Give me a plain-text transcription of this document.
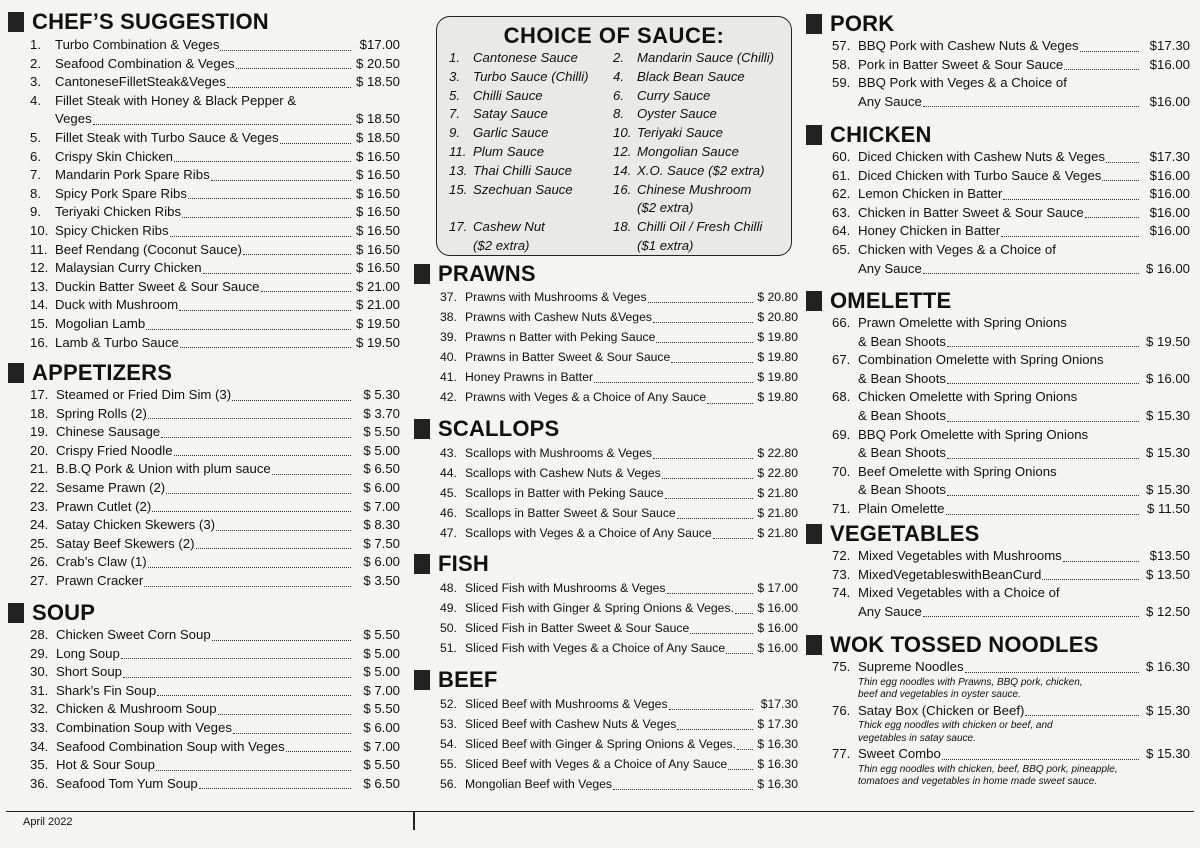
CHEF’S SUGGESTION
1.	Turbo Combination & Veges	$17.00
2.	Seafood Combination & Veges	$ 20.50
3.	CantoneseFilletSteak&Veges	$ 18.50
4.	Fillet Steak with Honey & Black Pepper &
Veges	$ 18.50
5.	Fillet Steak with Turbo Sauce & Veges	$ 18.50
6.	Crispy Skin Chicken	$ 16.50
7.	Mandarin Pork Spare Ribs	$ 16.50
8.	Spicy Pork Spare Ribs	$ 16.50
9.	Teriyaki Chicken Ribs	$ 16.50
10. Spicy Chicken Ribs	$ 16.50
11. Beef Rendang (Coconut Sauce)	$ 16.50
12. Malaysian Curry Chicken	$ 16.50
13. Duckin Batter Sweet & Sour Sauce	$ 21.00
14. Duck with Mushroom	$ 21.00
15. Mogolian Lamb	$ 19.50
16. Lamb & Turbo Sauce	$ 19.50
APPETIZERS
17. Steamed or Fried Dim Sim (3)	$ 5.30
18. Spring Rolls (2)	$ 3.70
19. Chinese Sausage	$ 5.50
20. Crispy Fried Noodle	$ 5.00
21. B.B.Q Pork & Union with plum sauce	$ 6.50
22. Sesame Prawn (2)	$ 6.00
23. Prawn Cutlet (2)	$ 7.00
24. Satay Chicken Skewers (3)	$ 8.30
25. Satay Beef Skewers (2)	$ 7.50
26. Crab’s Claw (1)	$ 6.00
27. Prawn Cracker	$ 3.50
SOUP
28. Chicken Sweet Corn Soup	$ 5.50
29. Long Soup	$ 5.00
30. Short Soup	$ 5.00
31. Shark’s Fin Soup	$ 7.00
32. Chicken & Mushroom Soup	$ 5.50
33. Combination Soup with Veges	$ 6.00
34. Seafood Combination Soup with Veges	$ 7.00
35. Hot & Sour Soup	$ 5.50
36. Seafood Tom Yum Soup	$ 6.50
CHOICE OF SAUCE:
1. Cantonese Sauce	2. Mandarin Sauce (Chilli)
3. Turbo Sauce (Chilli)	4. Black Bean Sauce
5. Chilli Sauce	6. Curry Sauce
7. Satay Sauce	8. Oyster Sauce
9. Garlic Sauce	10. Teriyaki Sauce
11. Plum Sauce	12. Mongolian Sauce
13. Thai Chilli Sauce	14. X.O. Sauce ($2 extra)
15. Szechuan Sauce	16. Chinese Mushroom
($2 extra)
17. Cashew Nut	18. Chilli Oil / Fresh Chilli
($2 extra)	($1 extra)
PRAWNS
37. Prawns with Mushrooms & Veges	$ 20.80
38. Prawns with Cashew Nuts &Veges	$ 20.80
39. Prawns n Batter with Peking Sauce	$ 19.80
40. Prawns in Batter Sweet & Sour Sauce	$ 19.80
41. Honey Prawns in Batter	$ 19.80
42. Prawns with Veges & a Choice of Any Sauce	$ 19.80
SCALLOPS
43. Scallops with Mushrooms & Veges	$ 22.80
44. Scallops with Cashew Nuts & Veges	$ 22.80
45. Scallops in Batter with Peking Sauce	$ 21.80
46. Scallops in Batter Sweet & Sour Sauce	$ 21.80
47. Scallops with Veges & a Choice of Any Sauce	$ 21.80
FISH
48. Sliced Fish with Mushrooms & Veges	$ 17.00
49. Sliced Fish with Ginger & Spring Onions & Veges. $ 16.00
50. Sliced Fish in Batter Sweet & Sour Sauce	$ 16.00
51. Sliced Fish with Veges & a Choice of Any Sauce	$ 16.00
BEEF
52. Sliced Beef with Mushrooms & Veges	$17.30
53. Sliced Beef with Cashew Nuts & Veges	$ 17.30
54. Sliced Beef with Ginger & Spring Onions & Veges. $ 16.30
55. Sliced Beef with Veges & a Choice of Any Sauce $ 16.30
56. Mongolian Beef with Veges	$ 16.30
PORK
57. BBQ Pork with Cashew Nuts & Veges	$17.30
58. Pork in Batter Sweet & Sour Sauce	$16.00
59. BBQ Pork with Veges & a Choice of
Any Sauce	$16.00
CHICKEN
60. Diced Chicken with Cashew Nuts & Veges	$17.30
61. Diced Chicken with Turbo Sauce & Veges	$16.00
62. Lemon Chicken in Batter	$16.00
63. Chicken in Batter Sweet & Sour Sauce	$16.00
64. Honey Chicken in Batter	$16.00
65. Chicken with Veges & a Choice of
Any Sauce	$ 16.00
OMELETTE
66. Prawn Omelette with Spring Onions
& Bean Shoots	$ 19.50
67. Combination Omelette with Spring Onions
& Bean Shoots	$ 16.00
68. Chicken Omelette with Spring Onions
& Bean Shoots	$ 15.30
69. BBQ Pork Omelette with Spring Onions
& Bean Shoots	$ 15.30
70. Beef Omelette with Spring Onions
& Bean Shoots	$ 15.30
71. Plain Omelette	$ 11.50
VEGETABLES
72. Mixed Vegetables with Mushrooms	$13.50
73. MixedVegetableswithBeanCurd	$ 13.50
74. Mixed Vegetables with a Choice of
Any Sauce	$ 12.50
WOK TOSSED NOODLES
75. Supreme Noodles	$ 16.30
Thin egg noodles with Prawns, BBQ pork, chicken,
beef and vegetables in oyster sauce.
76. Satay Box (Chicken or Beef)	$ 15.30
Thick egg noodles with chicken or beef, and
vegetables in satay sauce.
77. Sweet Combo	$ 15.30
Thin egg noodles with chicken, beef, BBQ pork, pineapple,
tomatoes and vegetables in home made sweet sauce.
April 2022
